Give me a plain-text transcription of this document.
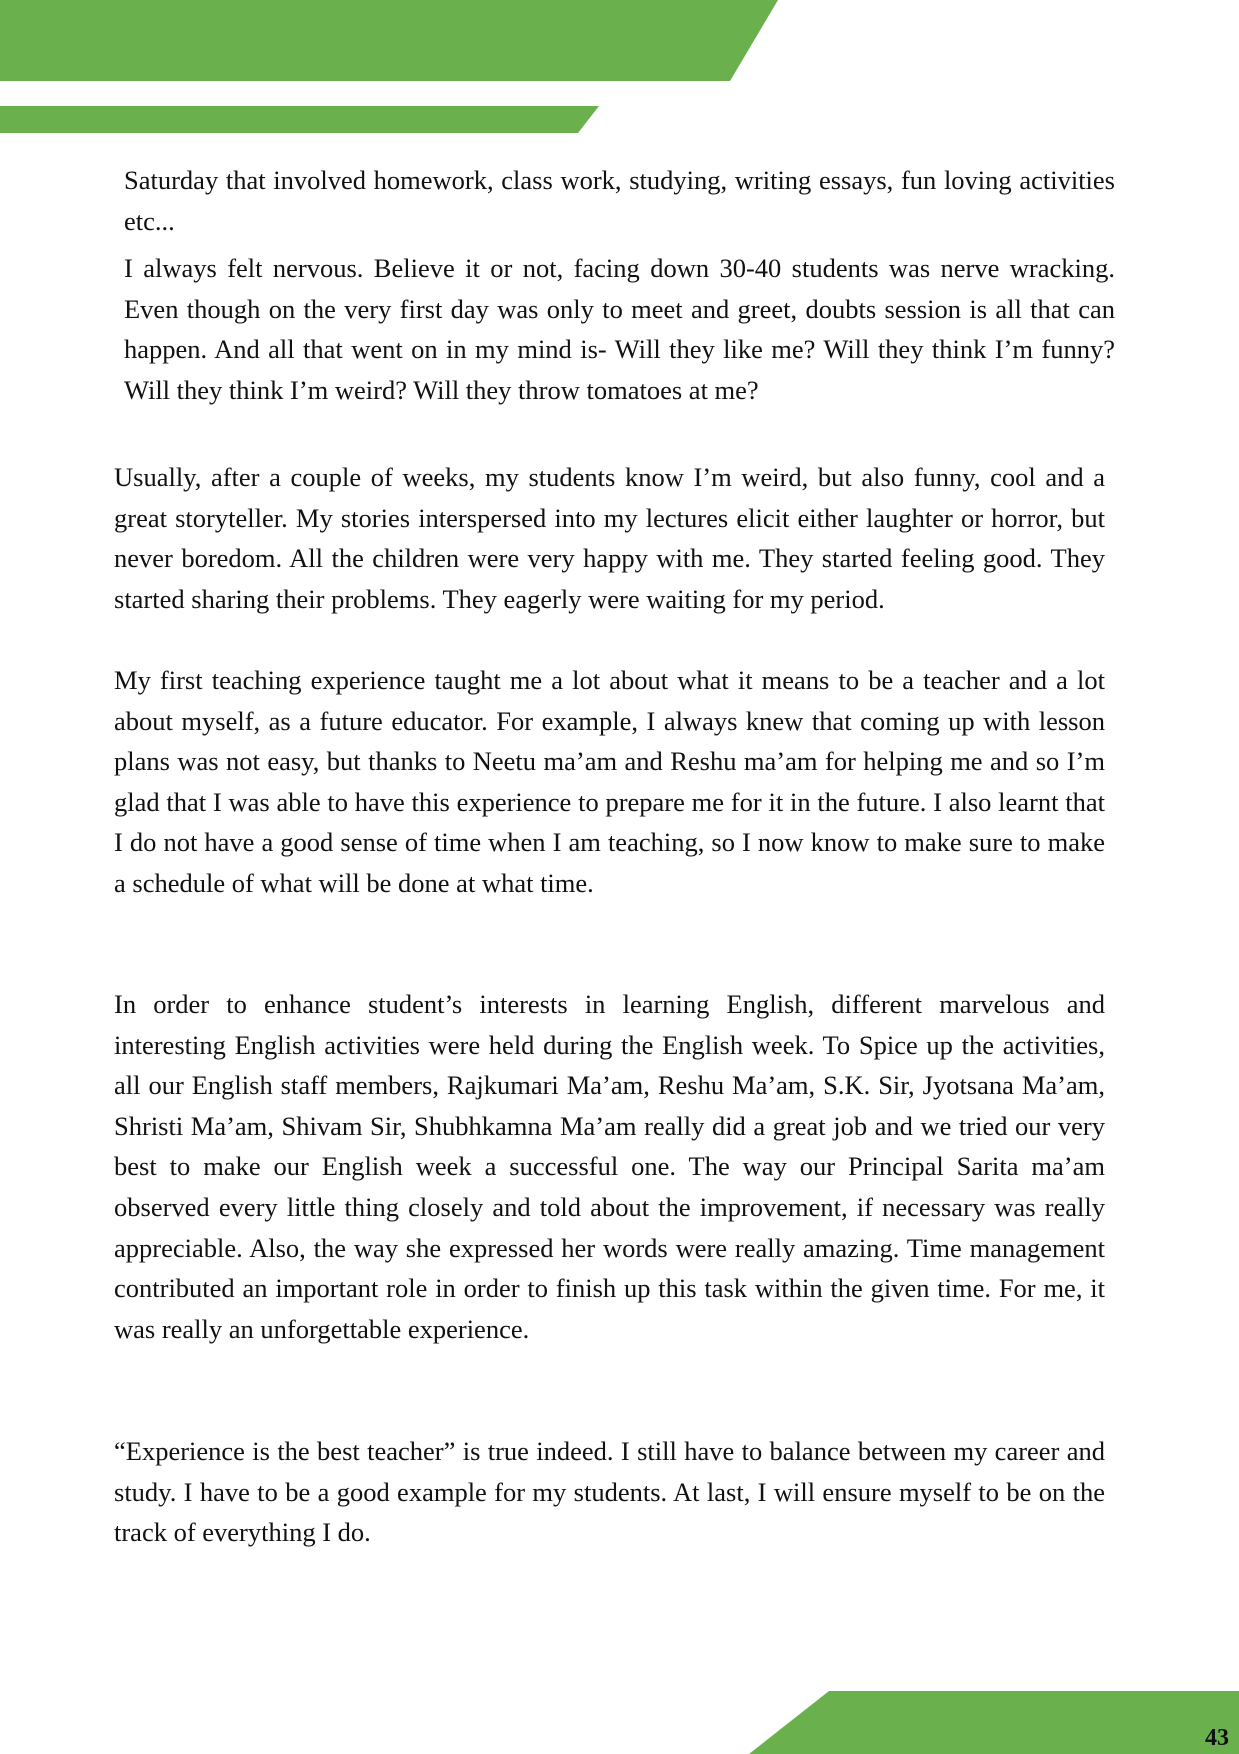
Saturday that involved homework, class work, studying, writing essays, fun loving activities etc...

I always felt nervous. Believe it or not, facing down 30-40 students was nerve wracking. Even though on the very first day was only to meet and greet, doubts session is all that can happen. And all that went on in my mind is- Will they like me? Will they think I’m funny? Will they think I’m weird? Will they throw tomatoes at me?

Usually, after a couple of weeks, my students know I’m weird, but also funny, cool and a great storyteller. My stories interspersed into my lectures elicit either laughter or horror, but never boredom. All the children were very happy with me. They started feeling good. They started sharing their problems. They eagerly were waiting for my period.

My first teaching experience taught me a lot about what it means to be a teacher and a lot about myself, as a future educator. For example, I always knew that coming up with lesson plans was not easy, but thanks to Neetu ma’am and Reshu ma’am for helping me and so I’m glad that I was able to have this experience to prepare me for it in the future. I also learnt that I do not have a good sense of time when I am teaching, so I now know to make sure to make a schedule of what will be done at what time.

In order to enhance student’s interests in learning English, different marvelous and interesting English activities were held during the English week. To Spice up the activities, all our English staff members, Rajkumari Ma’am, Reshu Ma’am, S.K. Sir, Jyotsana Ma’am, Shristi Ma’am, Shivam Sir, Shubhkamna Ma’am really did a great job and we tried our very best to make our English week a successful one. The way our Principal Sarita ma’am observed every little thing closely and told about the improvement, if necessary was really appreciable. Also, the way she expressed her words were really amazing. Time management contributed an important role in order to finish up this task within the given time. For me, it was really an unforgettable experience.

“Experience is the best teacher” is true indeed. I still have to balance between my career and study. I have to be a good example for my students. At last, I will ensure myself to be on the track of everything I do.

43
